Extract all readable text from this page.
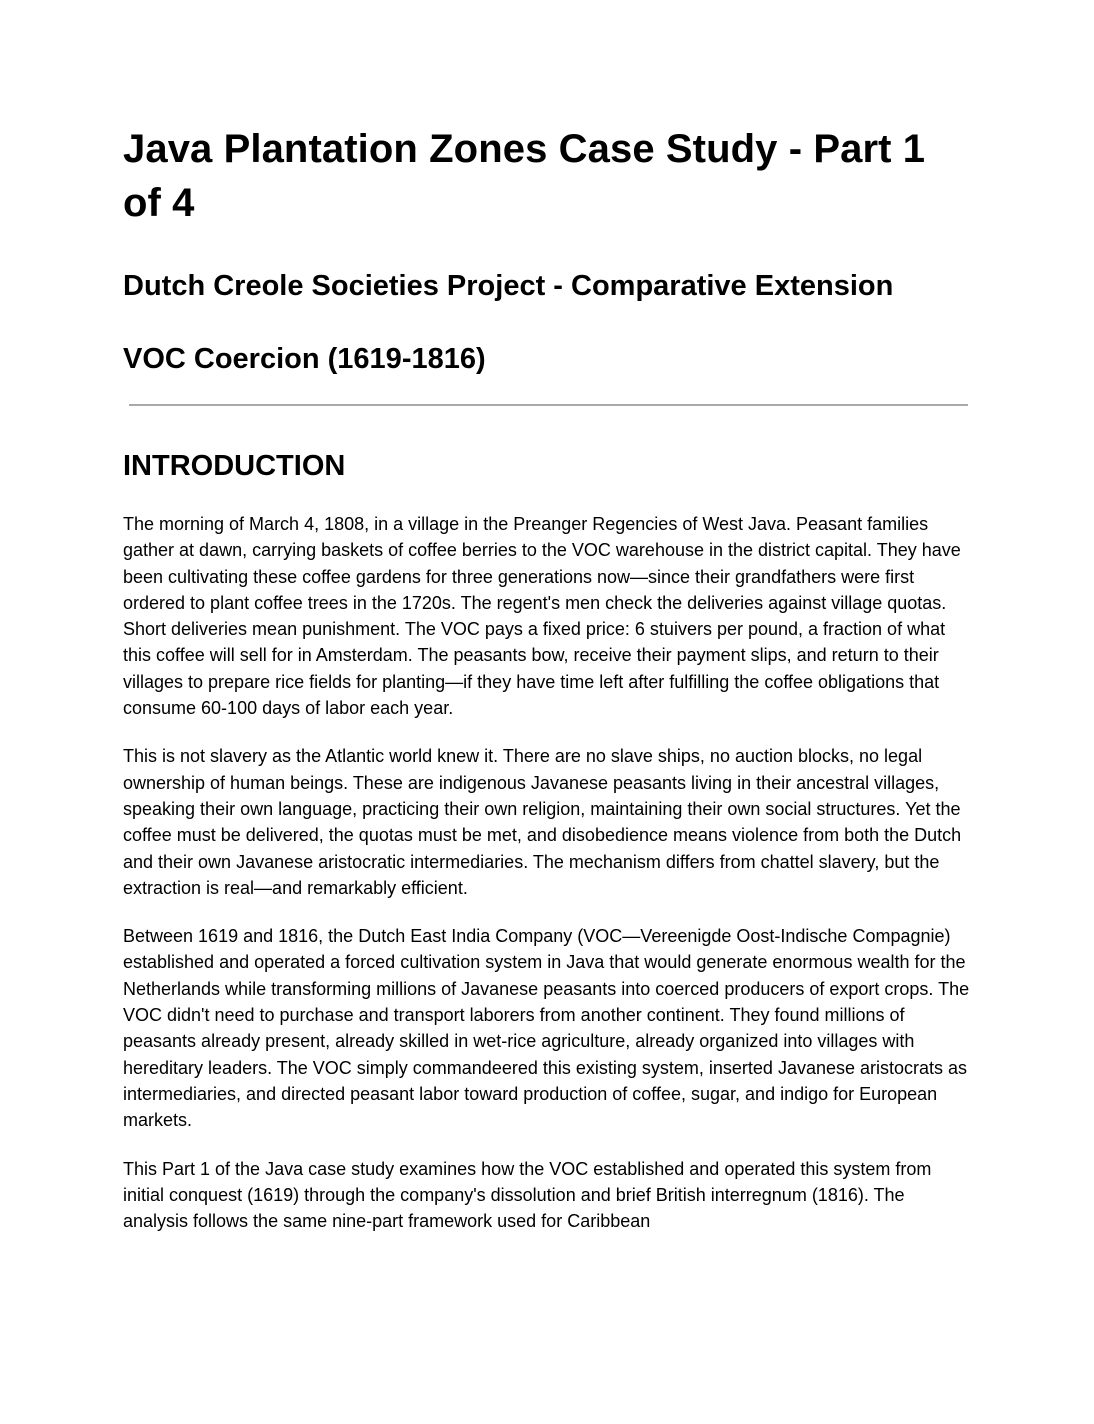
Java Plantation Zones Case Study - Part 1 of 4
Dutch Creole Societies Project - Comparative Extension
VOC Coercion (1619-1816)
INTRODUCTION

The morning of March 4, 1808, in a village in the Preanger Regencies of West Java. Peasant families gather at dawn, carrying baskets of coffee berries to the VOC warehouse in the district capital. They have been cultivating these coffee gardens for three generations now—since their grandfathers were first ordered to plant coffee trees in the 1720s. The regent's men check the deliveries against village quotas. Short deliveries mean punishment. The VOC pays a fixed price: 6 stuivers per pound, a fraction of what this coffee will sell for in Amsterdam. The peasants bow, receive their payment slips, and return to their villages to prepare rice fields for planting—if they have time left after fulfilling the coffee obligations that consume 60-100 days of labor each year.

This is not slavery as the Atlantic world knew it. There are no slave ships, no auction blocks, no legal ownership of human beings. These are indigenous Javanese peasants living in their ancestral villages, speaking their own language, practicing their own religion, maintaining their own social structures. Yet the coffee must be delivered, the quotas must be met, and disobedience means violence from both the Dutch and their own Javanese aristocratic intermediaries. The mechanism differs from chattel slavery, but the extraction is real—and remarkably efficient.

Between 1619 and 1816, the Dutch East India Company (VOC—Vereenigde Oost-Indische Compagnie) established and operated a forced cultivation system in Java that would generate enormous wealth for the Netherlands while transforming millions of Javanese peasants into coerced producers of export crops. The VOC didn't need to purchase and transport laborers from another continent. They found millions of peasants already present, already skilled in wet-rice agriculture, already organized into villages with hereditary leaders. The VOC simply commandeered this existing system, inserted Javanese aristocrats as intermediaries, and directed peasant labor toward production of coffee, sugar, and indigo for European markets.

This Part 1 of the Java case study examines how the VOC established and operated this system from initial conquest (1619) through the company's dissolution and brief British interregnum (1816). The analysis follows the same nine-part framework used for Caribbean
